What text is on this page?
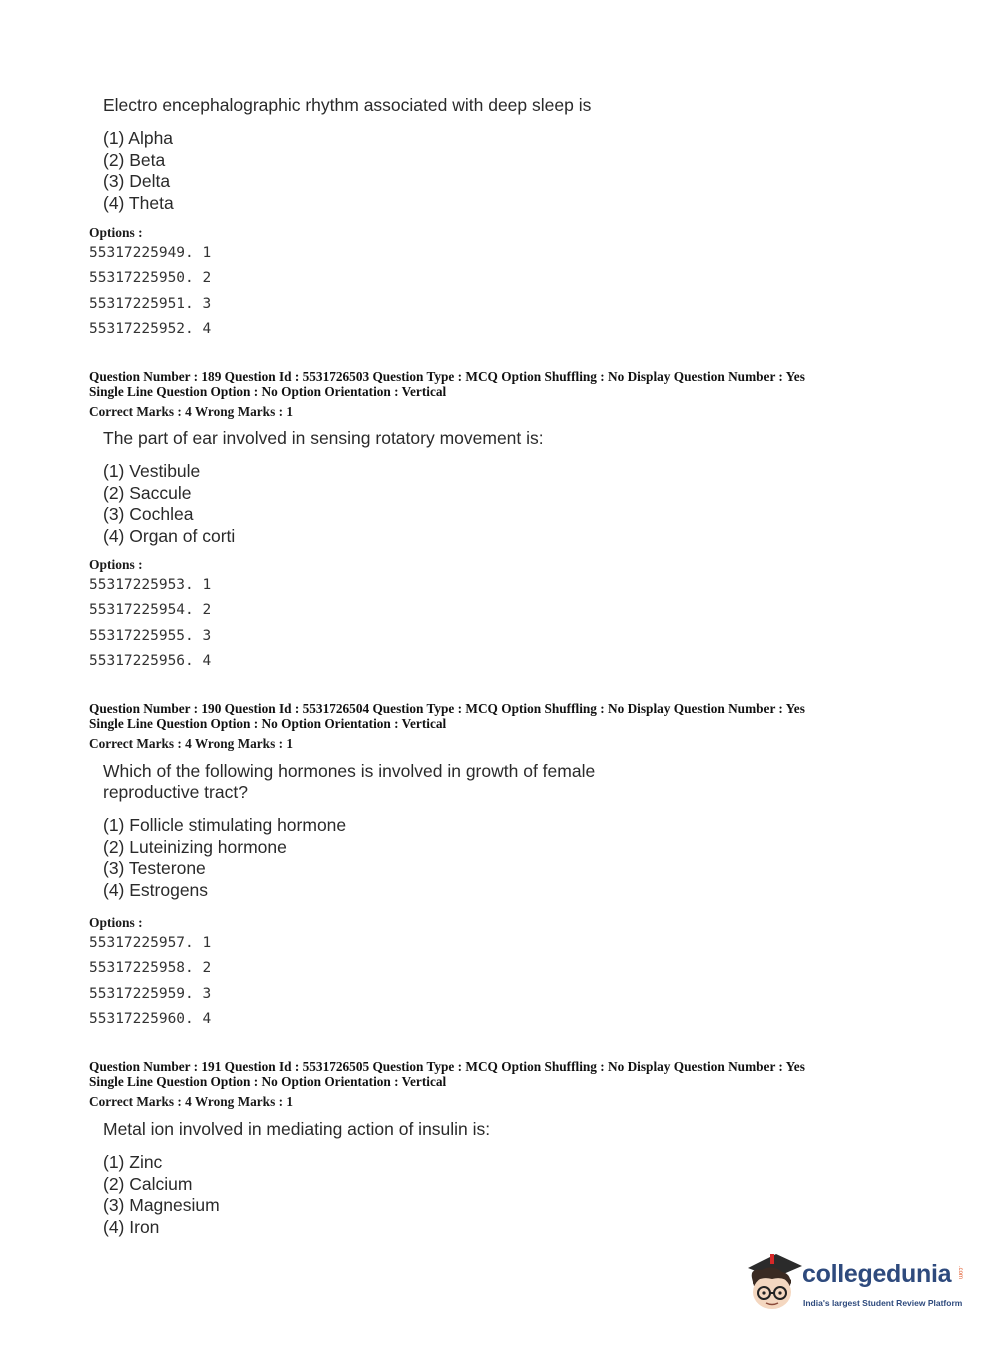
Electro encephalographic rhythm associated with deep sleep is
(1) Alpha
(2) Beta
(3) Delta
(4) Theta
Options :
55317225949. 1
55317225950. 2
55317225951. 3
55317225952. 4
Question Number : 189 Question Id : 5531726503 Question Type : MCQ Option Shuffling : No Display Question Number : Yes
Single Line Question Option : No Option Orientation : Vertical
Correct Marks : 4 Wrong Marks : 1
The part of ear involved in sensing rotatory movement is:
(1) Vestibule
(2) Saccule
(3) Cochlea
(4) Organ of corti
Options :
55317225953. 1
55317225954. 2
55317225955. 3
55317225956. 4
Question Number : 190 Question Id : 5531726504 Question Type : MCQ Option Shuffling : No Display Question Number : Yes
Single Line Question Option : No Option Orientation : Vertical
Correct Marks : 4 Wrong Marks : 1
Which of the following hormones is involved in growth of female
reproductive tract?
(1) Follicle stimulating hormone
(2) Luteinizing hormone
(3) Testerone
(4) Estrogens
Options :
55317225957. 1
55317225958. 2
55317225959. 3
55317225960. 4
Question Number : 191 Question Id : 5531726505 Question Type : MCQ Option Shuffling : No Display Question Number : Yes
Single Line Question Option : No Option Orientation : Vertical
Correct Marks : 4 Wrong Marks : 1
Metal ion involved in mediating action of insulin is:
(1) Zinc
(2) Calcium
(3) Magnesium
(4) Iron
collegedunia .com
India's largest Student Review Platform
